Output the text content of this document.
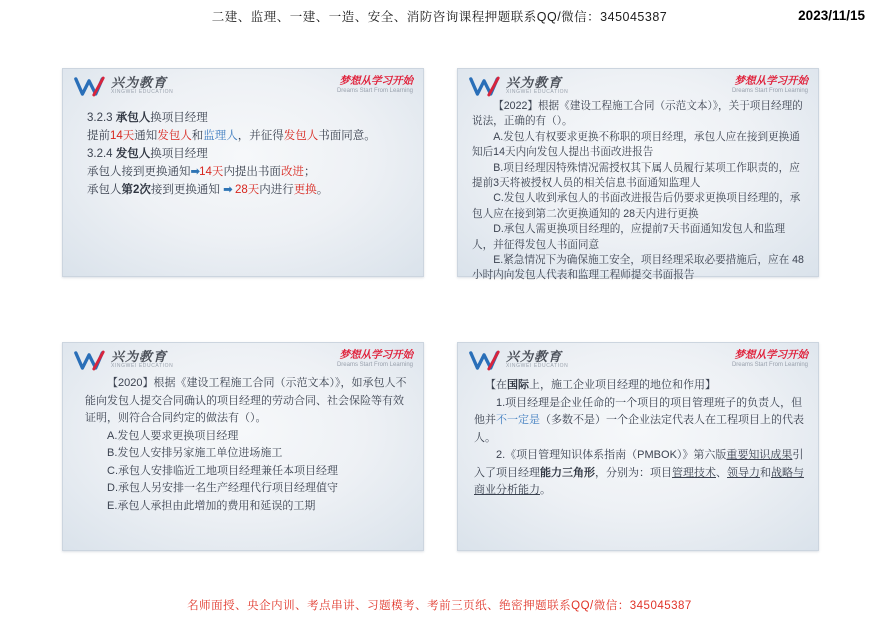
二建、监理、一建、一造、安全、消防咨询课程押题联系QQ/微信：345045387	2023/11/15
兴为教育
XINGWEI EDUCATION
梦想从学习开始
Dreams Start From Learning
3.2.3 承包人换项目经理
提前14天通知发包人和监理人，并征得发包人书面同意。
3.2.4 发包人换项目经理
承包人接到更换通知➡14天内提出书面改进；
承包人第2次接到更换通知 ➡ 28天内进行更换。
兴为教育
XINGWEI EDUCATION
梦想从学习开始
Dreams Start From Learning

【2022】根据《建设工程施工合同（示范文本）》，关于项目经理的说法，正确的有（）。

A.发包人有权要求更换不称职的项目经理，承包人应在接到更换通知后14天内向发包人提出书面改进报告

B.项目经理因特殊情况需授权其下属人员履行某项工作职责的，应提前3天将被授权人员的相关信息书面通知监理人

C.发包人收到承包人的书面改进报告后仍要求更换项目经理的，承包人应在接到第二次更换通知的 28天内进行更换

D.承包人需更换项目经理的，应提前7天书面通知发包人和监理人，并征得发包人书面同意

E.紧急情况下为确保施工安全，项目经理采取必要措施后，应在 48小时内向发包人代表和监理工程师提交书面报告

兴为教育
XINGWEI EDUCATION
梦想从学习开始
Dreams Start From Learning

【2020】根据《建设工程施工合同（示范文本）》，如承包人不能向发包人提交合同确认的项目经理的劳动合同、社会保险等有效证明，则符合合同约定的做法有（）。

A.发包人要求更换项目经理

B.发包人安排另家施工单位进场施工

C.承包人安排临近工地项目经理兼任本项目经理

D.承包人另安排一名生产经理代行项目经理值守

E.承包人承担由此增加的费用和延误的工期

兴为教育
XINGWEI EDUCATION
梦想从学习开始
Dreams Start From Learning

【在国际上，施工企业项目经理的地位和作用】

1.项目经理是企业任命的一个项目的项目管理班子的负责人，但他并不一定是（多数不是）一个企业法定代表人在工程项目上的代表人。

2.《项目管理知识体系指南（PMBOK）》第六版重要知识成果引入了项目经理能力三角形，分别为：项目管理技术、领导力和战略与商业分析能力。

名师面授、央企内训、考点串讲、习题模考、考前三页纸、绝密押题联系QQ/微信：345045387
